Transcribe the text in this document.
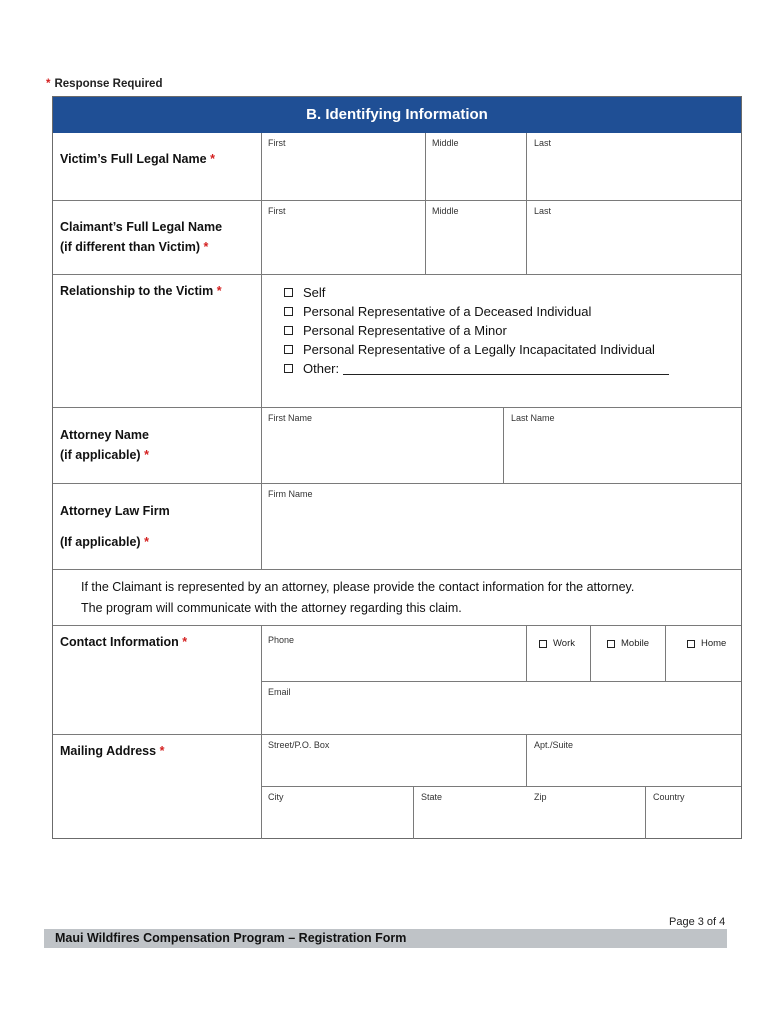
* Response Required
B. Identifying Information
Victim’s Full Legal Name *
First	Middle	Last
Claimant’s Full Legal Name
(if different than Victim) *
First	Middle	Last
Relationship to the Victim *	Self
Personal Representative of a Deceased Individual
Personal Representative of a Minor
Personal Representative of a Legally Incapacitated Individual
Other:
Attorney Name
(if applicable) *
First Name	Last Name
Attorney Law Firm
(If applicable) *
Firm Name
If the Claimant is represented by an attorney, please provide the contact information for the attorney.
The program will communicate with the attorney regarding this claim.
Contact Information *	Phone	Work	Mobile	Home
Email
Mailing Address *	Street/P.O. Box	Apt./Suite
City	State	Zip	Country
Page 3 of 4
Maui Wildfires Compensation Program – Registration Form
